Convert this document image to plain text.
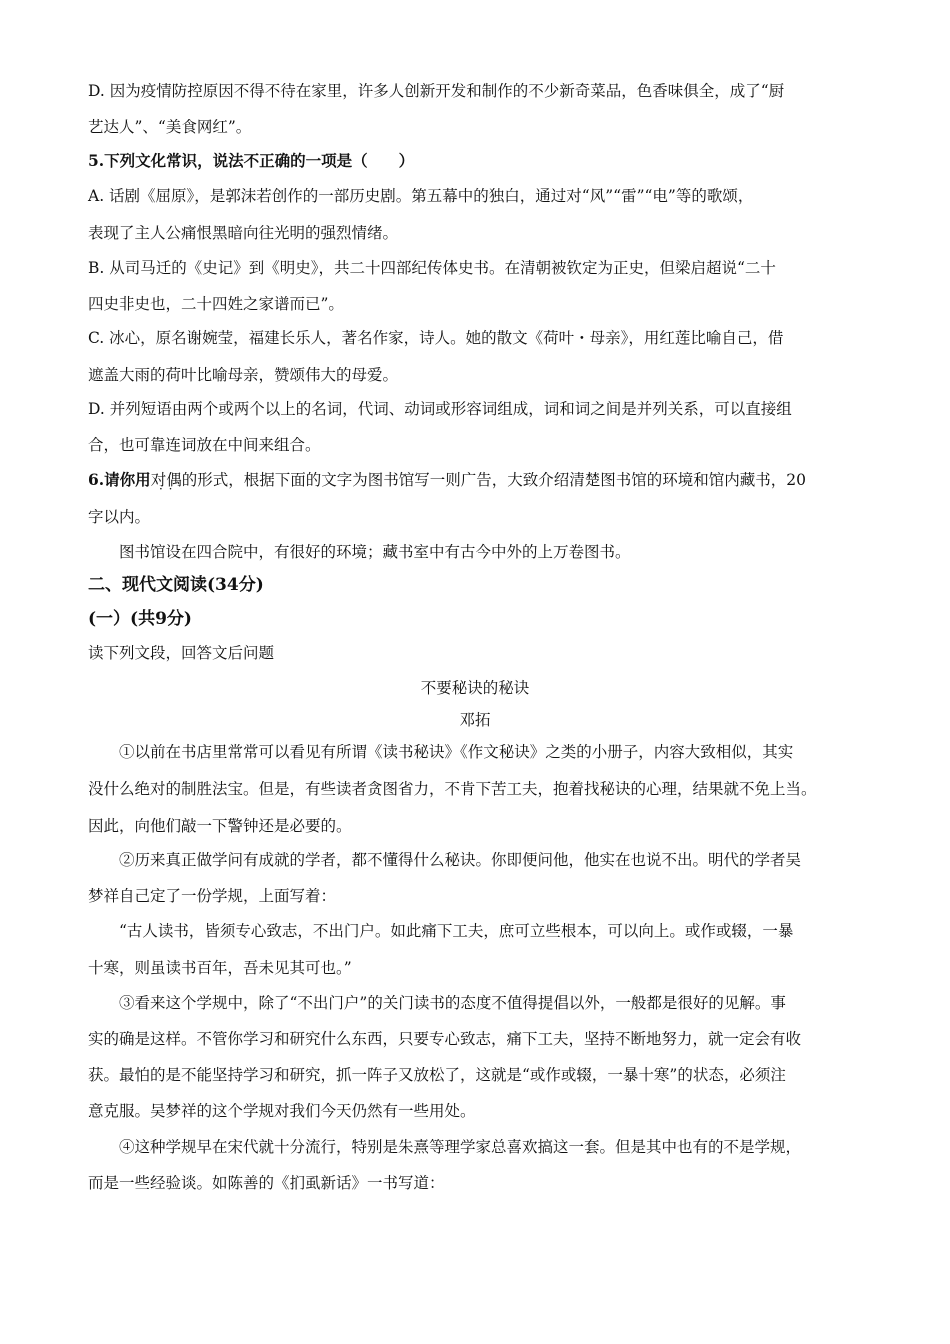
D. 因为疫情防控原因不得不待在家里，许多人创新开发和制作的不少新奇菜品，色香味俱全，成了“厨
艺达人”、“美食网红”。
5.下列文化常识，说法不正确的一项是（　　）
A. 话剧《屈原》，是郭沫若创作的一部历史剧。第五幕中的独白，通过对“风”“雷”“电”等的歌颂，
表现了主人公痛恨黑暗向往光明的强烈情绪。
B. 从司马迁的《史记》到《明史》，共二十四部纪传体史书。在清朝被钦定为正史，但梁启超说“二十
四史非史也，二十四姓之家谱而已”。
C. 冰心，原名谢婉莹，福建长乐人，著名作家，诗人。她的散文《荷叶・母亲》，用红莲比喻自己，借
遮盖大雨的荷叶比喻母亲，赞颂伟大的母爱。
D. 并列短语由两个或两个以上的名词，代词、动词或形容词组成，词和词之间是并列关系，可以直接组
合，也可靠连词放在中间来组合。
6.请你用对偶 · ·的形式，根据下面的文字为图书馆写一则广告，大致介绍清楚图书馆的环境和馆内藏书，20
字以内。
图书馆设在四合院中，有很好的环境；藏书室中有古今中外的上万卷图书。
二、现代文阅读(34分)
(一）(共9分)
读下列文段，回答文后问题
不要秘诀的秘诀
邓拓
①以前在书店里常常可以看见有所谓《读书秘诀》《作文秘诀》之类的小册子，内容大致相似，其实
没什么绝对的制胜法宝。但是，有些读者贪图省力，不肯下苦工夫，抱着找秘诀的心理，结果就不免上当。
因此，向他们敲一下警钟还是必要的。
②历来真正做学问有成就的学者，都不懂得什么秘诀。你即便问他，他实在也说不出。明代的学者吴
梦祥自己定了一份学规，上面写着：
“古人读书，皆须专心致志，不出门户。如此痛下工夫，庶可立些根本，可以向上。或作或辍，一暴
十寒，则虽读书百年，吾未见其可也。”
③看来这个学规中，除了“不出门户”的关门读书的态度不值得提倡以外，一般都是很好的见解。事
实的确是这样。不管你学习和研究什么东西，只要专心致志，痛下工夫，坚持不断地努力，就一定会有收
获。最怕的是不能坚持学习和研究，抓一阵子又放松了，这就是“或作或辍，一暴十寒”的状态，必须注
意克服。吴梦祥的这个学规对我们今天仍然有一些用处。
④这种学规早在宋代就十分流行，特别是朱熹等理学家总喜欢搞这一套。但是其中也有的不是学规，
而是一些经验谈。如陈善的《扪虱新话》一书写道：
